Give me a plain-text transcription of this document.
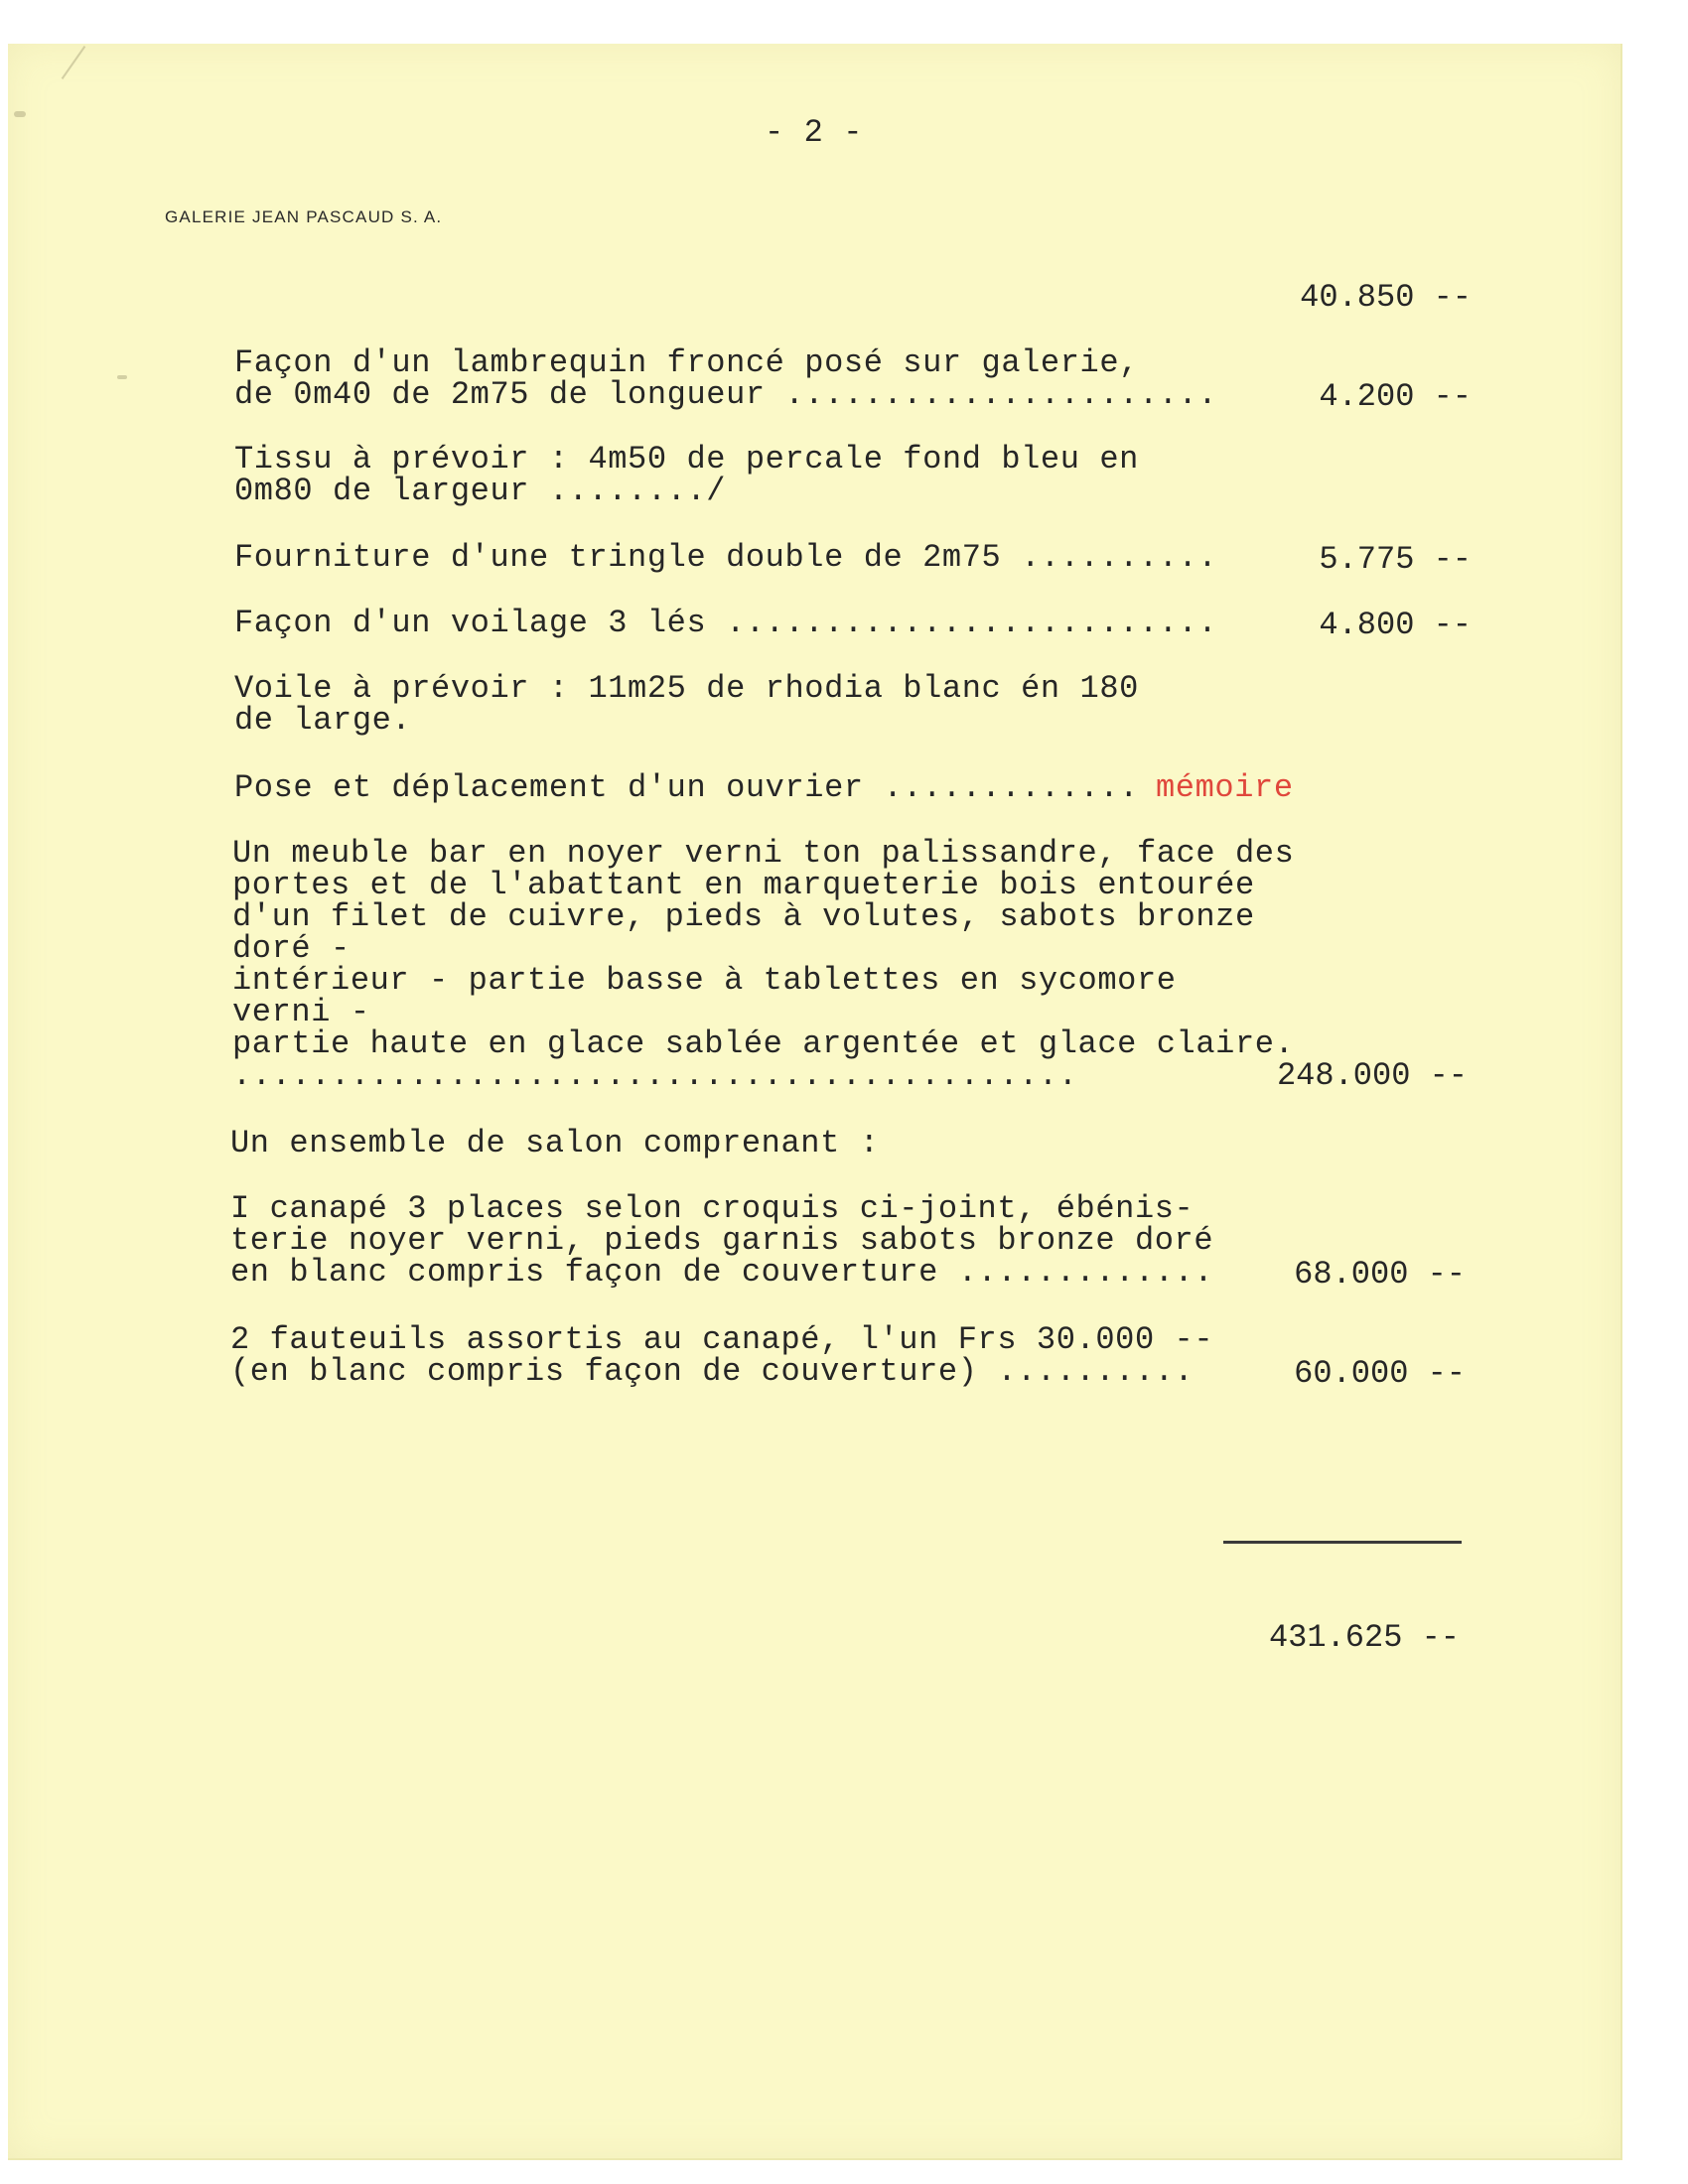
- 2 -
GALERIE JEAN PASCAUD S. A.
40.850 --
Façon d'un lambrequin froncé posé sur galerie,
de 0m40 de 2m75 de longueur ......................	4.200 --
Tissu à prévoir : 4m50 de percale fond bleu en
0m80 de largeur ......../
Fourniture d'une tringle double de 2m75 ..........	5.775 --
Façon d'un voilage 3 lés .........................	4.800 --
Voile à prévoir : 11m25 de rhodia blanc én 180
de large.
Pose et déplacement d'un ouvrier ............. mémoire
Un meuble bar en noyer verni ton palissandre, face des
portes et de l'abattant en marqueterie bois entourée
d'un filet de cuivre, pieds à volutes, sabots bronze
doré -
intérieur - partie basse à tablettes en sycomore
verni -
partie haute en glace sablée argentée et glace claire.
...........................................	248.000 --
Un ensemble de salon comprenant :
I canapé 3 places selon croquis ci-joint, ébénis-
terie noyer verni, pieds garnis sabots bronze doré
en blanc compris façon de couverture .............	68.000 --
2 fauteuils assortis au canapé, l'un Frs 30.000 --
(en blanc compris façon de couverture) ..........	60.000 --
431.625 --
